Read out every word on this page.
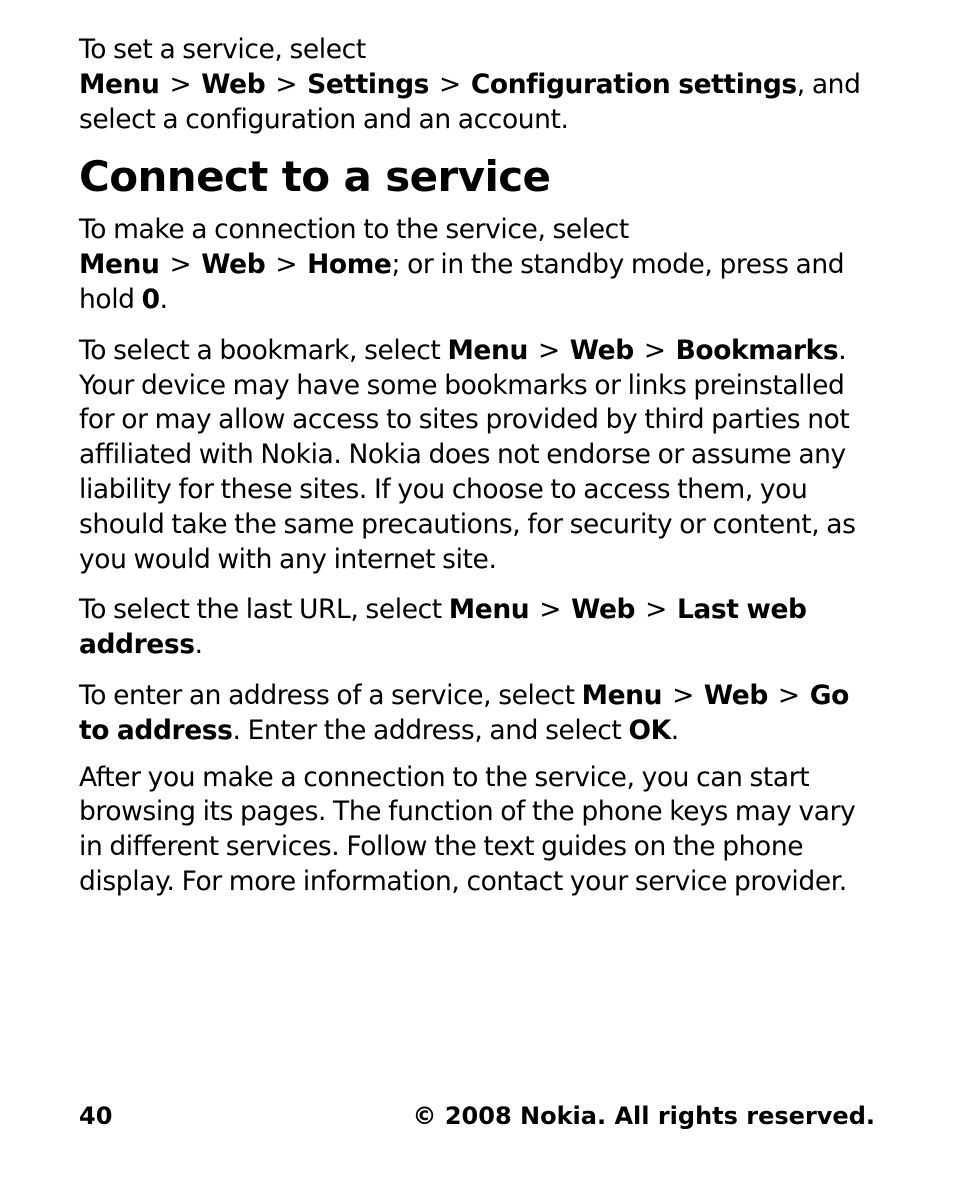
To set a service, select Menu > Web > Settings > Configuration settings, and select a configuration and an account.

Connect to a service

To make a connection to the service, select Menu > Web > Home; or in the standby mode, press and hold 0.

To select a bookmark, select Menu > Web > Bookmarks. Your device may have some bookmarks or links preinstalled for or may allow access to sites provided by third parties not affiliated with Nokia. Nokia does not endorse or assume any liability for these sites. If you choose to access them, you should take the same precautions, for security or content, as you would with any internet site.

To select the last URL, select Menu > Web > Last web address.

To enter an address of a service, select Menu > Web > Go to address. Enter the address, and select OK.

After you make a connection to the service, you can start browsing its pages. The function of the phone keys may vary in different services. Follow the text guides on the phone display. For more information, contact your service provider.

40	© 2008 Nokia. All rights reserved.
